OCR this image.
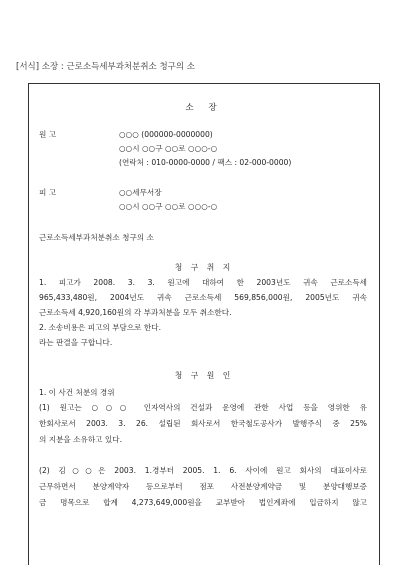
[서식] 소장 : 근로소득세부과처분취소 청구의 소
소 장
원 고	○○○ (000000-0000000)
○○시 ○○구 ○○로 ○○○-○
(연락처 : 010-0000-0000 / 팩스 : 02-000-0000)
피 고	○○세무서장
○○시 ○○구 ○○로 ○○○-○
근로소득세부과처분취소 청구의 소
청 구 취 지
1. 피고가 2008. 3. 3. 원고에 대하여 한 2003년도 귀속 근로소득세
965,433,480원, 2004년도 귀속 근로소득세 569,856,000원, 2005년도 귀속
근로소득세 4,920,160원의 각 부과처분을 모두 취소한다.
2. 소송비용은 피고의 부담으로 한다.
라는 판결을 구합니다.
청 구 원 인
1. 이 사건 처분의 경위
(1) 원고는 ○○○ 인자역사의 건설과 운영에 관한 사업 등을 영위한 유
한회사로서 2003. 3. 26. 설립된 회사로서 한국철도공사가 발행주식 중 25%
의 지분을 소유하고 있다.
(2) 김○○은 2003. 1.경부터 2005. 1. 6. 사이에 원고 회사의 대표이사로
근무하면서 분양계약자 등으로부터 점포 사전분양계약금 및 분양대행보증
금 명목으로 합계 4,273,649,000원을 교부받아 법인계좌에 입금하지 않고
